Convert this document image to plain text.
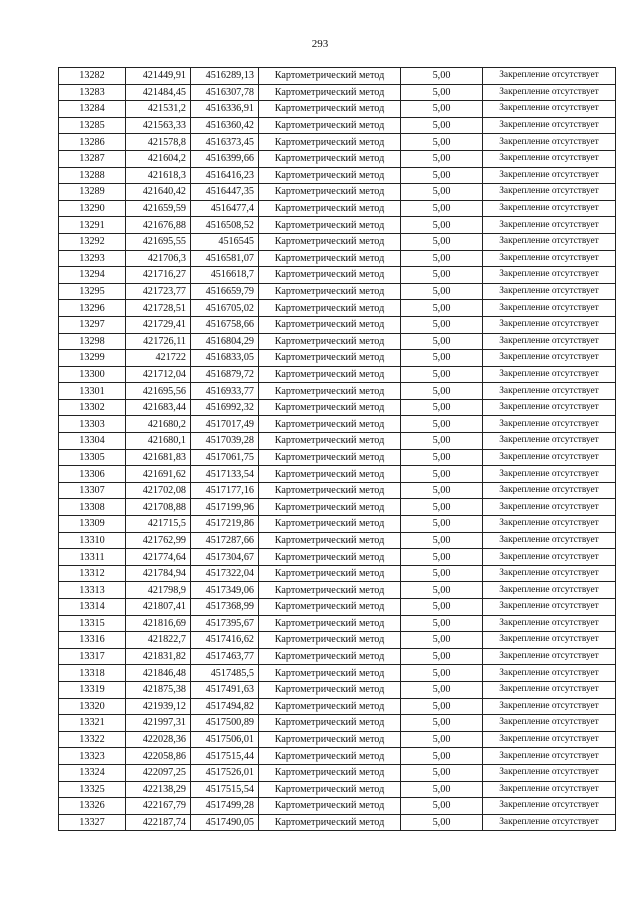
293
13282	421449,91	4516289,13	Картометрический метод	5,00	Закрепление отсутствует
13283	421484,45	4516307,78	Картометрический метод	5,00	Закрепление отсутствует
13284	421531,2	4516336,91	Картометрический метод	5,00	Закрепление отсутствует
13285	421563,33	4516360,42	Картометрический метод	5,00	Закрепление отсутствует
13286	421578,8	4516373,45	Картометрический метод	5,00	Закрепление отсутствует
13287	421604,2	4516399,66	Картометрический метод	5,00	Закрепление отсутствует
13288	421618,3	4516416,23	Картометрический метод	5,00	Закрепление отсутствует
13289	421640,42	4516447,35	Картометрический метод	5,00	Закрепление отсутствует
13290	421659,59	4516477,4	Картометрический метод	5,00	Закрепление отсутствует
13291	421676,88	4516508,52	Картометрический метод	5,00	Закрепление отсутствует
13292	421695,55	4516545	Картометрический метод	5,00	Закрепление отсутствует
13293	421706,3	4516581,07	Картометрический метод	5,00	Закрепление отсутствует
13294	421716,27	4516618,7	Картометрический метод	5,00	Закрепление отсутствует
13295	421723,77	4516659,79	Картометрический метод	5,00	Закрепление отсутствует
13296	421728,51	4516705,02	Картометрический метод	5,00	Закрепление отсутствует
13297	421729,41	4516758,66	Картометрический метод	5,00	Закрепление отсутствует
13298	421726,11	4516804,29	Картометрический метод	5,00	Закрепление отсутствует
13299	421722	4516833,05	Картометрический метод	5,00	Закрепление отсутствует
13300	421712,04	4516879,72	Картометрический метод	5,00	Закрепление отсутствует
13301	421695,56	4516933,77	Картометрический метод	5,00	Закрепление отсутствует
13302	421683,44	4516992,32	Картометрический метод	5,00	Закрепление отсутствует
13303	421680,2	4517017,49	Картометрический метод	5,00	Закрепление отсутствует
13304	421680,1	4517039,28	Картометрический метод	5,00	Закрепление отсутствует
13305	421681,83	4517061,75	Картометрический метод	5,00	Закрепление отсутствует
13306	421691,62	4517133,54	Картометрический метод	5,00	Закрепление отсутствует
13307	421702,08	4517177,16	Картометрический метод	5,00	Закрепление отсутствует
13308	421708,88	4517199,96	Картометрический метод	5,00	Закрепление отсутствует
13309	421715,5	4517219,86	Картометрический метод	5,00	Закрепление отсутствует
13310	421762,99	4517287,66	Картометрический метод	5,00	Закрепление отсутствует
13311	421774,64	4517304,67	Картометрический метод	5,00	Закрепление отсутствует
13312	421784,94	4517322,04	Картометрический метод	5,00	Закрепление отсутствует
13313	421798,9	4517349,06	Картометрический метод	5,00	Закрепление отсутствует
13314	421807,41	4517368,99	Картометрический метод	5,00	Закрепление отсутствует
13315	421816,69	4517395,67	Картометрический метод	5,00	Закрепление отсутствует
13316	421822,7	4517416,62	Картометрический метод	5,00	Закрепление отсутствует
13317	421831,82	4517463,77	Картометрический метод	5,00	Закрепление отсутствует
13318	421846,48	4517485,5	Картометрический метод	5,00	Закрепление отсутствует
13319	421875,38	4517491,63	Картометрический метод	5,00	Закрепление отсутствует
13320	421939,12	4517494,82	Картометрический метод	5,00	Закрепление отсутствует
13321	421997,31	4517500,89	Картометрический метод	5,00	Закрепление отсутствует
13322	422028,36	4517506,01	Картометрический метод	5,00	Закрепление отсутствует
13323	422058,86	4517515,44	Картометрический метод	5,00	Закрепление отсутствует
13324	422097,25	4517526,01	Картометрический метод	5,00	Закрепление отсутствует
13325	422138,29	4517515,54	Картометрический метод	5,00	Закрепление отсутствует
13326	422167,79	4517499,28	Картометрический метод	5,00	Закрепление отсутствует
13327	422187,74	4517490,05	Картометрический метод	5,00	Закрепление отсутствует
